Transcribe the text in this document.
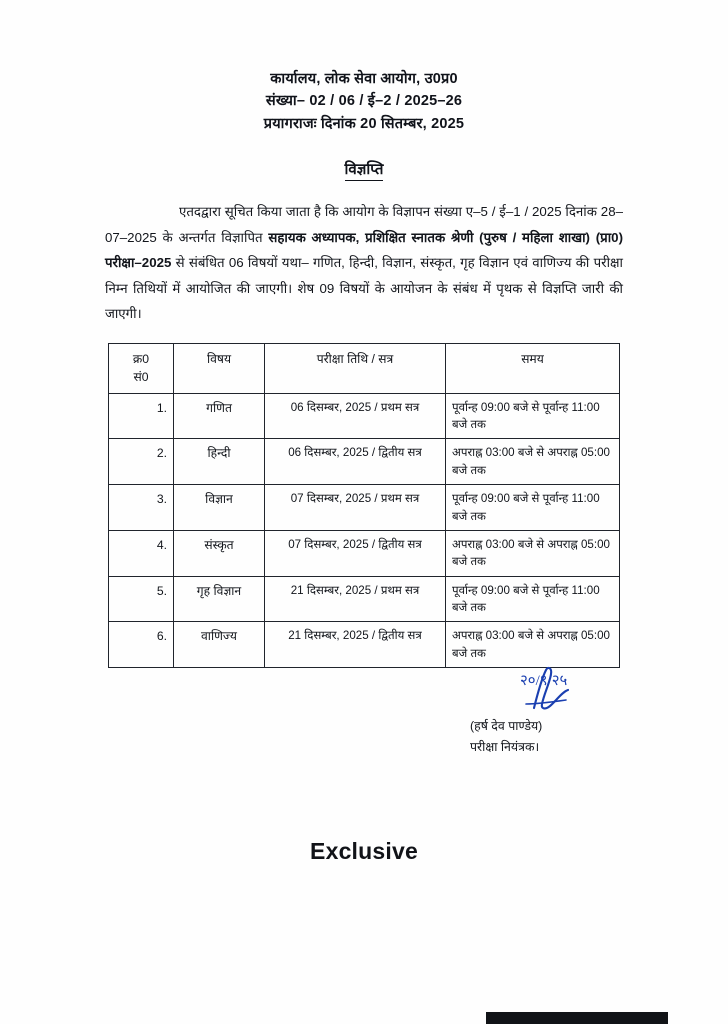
कार्यालय, लोक सेवा आयोग, उ0प्र0
संख्या– 02 / 06 / ई–2 / 2025–26
प्रयागराजः दिनांक 20 सितम्बर, 2025
विज्ञप्ति
एतदद्वारा सूचित किया जाता है कि आयोग के विज्ञापन संख्या ए–5 / ई–1 / 2025 दिनांक 28–07–2025 के अन्तर्गत विज्ञापित सहायक अध्यापक, प्रशिक्षित स्नातक श्रेणी (पुरुष / महिला शाखा) (प्रा0) परीक्षा–2025 से संबंधित 06 विषयों यथा– गणित, हिन्दी, विज्ञान, संस्कृत, गृह विज्ञान एवं वाणिज्य की परीक्षा निम्न तिथियों में आयोजित की जाएगी। शेष 09 विषयों के आयोजन के संबंध में पृथक से विज्ञप्ति जारी की जाएगी।
क्र0
सं0	विषय	परीक्षा तिथि / सत्र	समय
1.	गणित	06 दिसम्बर, 2025 / प्रथम सत्र	पूर्वान्ह 09:00 बजे से पूर्वान्ह 11:00 बजे तक
2.	हिन्दी	06 दिसम्बर, 2025 / द्वितीय सत्र	अपराह्न 03:00 बजे से अपराह्न 05:00 बजे तक
3.	विज्ञान	07 दिसम्बर, 2025 / प्रथम सत्र	पूर्वान्ह 09:00 बजे से पूर्वान्ह 11:00 बजे तक
4.	संस्कृत	07 दिसम्बर, 2025 / द्वितीय सत्र	अपराह्न 03:00 बजे से अपराह्न 05:00 बजे तक
5.	गृह विज्ञान	21 दिसम्बर, 2025 / प्रथम सत्र	पूर्वान्ह 09:00 बजे से पूर्वान्ह 11:00 बजे तक
6.	वाणिज्य	21 दिसम्बर, 2025 / द्वितीय सत्र	अपराह्न 03:00 बजे से अपराह्न 05:00 बजे तक
२०/९/२५
(हर्ष देव पाण्डेय)
परीक्षा नियंत्रक।
Exclusive
